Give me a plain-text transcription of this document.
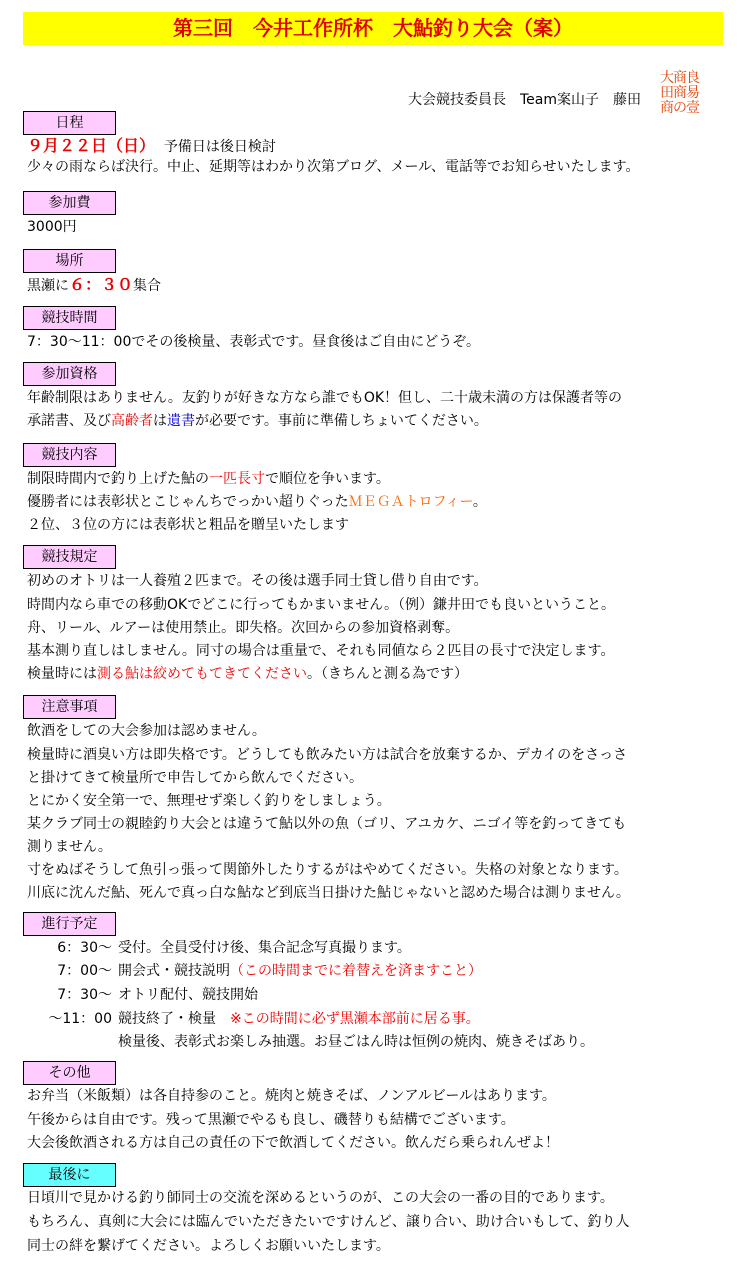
第三回　今井工作所杯　大鮎釣り大会（案）
大会競技委員長　Team案山子　藤田
大商良
田商易
商の壹
日程
９月２２日（日） 予備日は後日検討
少々の雨ならば決行。中止、延期等はわかり次第ブログ、メール、電話等でお知らせいたします。
参加費
3000円
場所
黒瀬に６：３０集合
競技時間
7：30〜11：00でその後検量、表彰式です。昼食後はご自由にどうぞ。
参加資格
年齢制限はありません。友釣りが好きな方なら誰でもOK！但し、二十歳未満の方は保護者等の
承諾書、及び高齢者は遺書が必要です。事前に準備しちょいてください。
競技内容
制限時間内で釣り上げた鮎の一匹長寸で順位を争います。
優勝者には表彰状とこじゃんちでっかい超りぐったＭＥＧＡトロフィー。
２位、３位の方には表彰状と粗品を贈呈いたします
競技規定
初めのオトリは一人養殖２匹まで。その後は選手同士貸し借り自由です。
時間内なら車での移動OKでどこに行ってもかまいません。（例）鎌井田でも良いということ。
舟、リール、ルアーは使用禁止。即失格。次回からの参加資格剥奪。
基本測り直しはしません。同寸の場合は重量で、それも同値なら２匹目の長寸で決定します。
検量時には測る鮎は絞めてもてきてください。（きちんと測る為です）
注意事項
飲酒をしての大会参加は認めません。
検量時に酒臭い方は即失格です。どうしても飲みたい方は試合を放棄するか、デカイのをさっさ
と掛けてきて検量所で申告してから飲んでください。
とにかく安全第一で、無理せず楽しく釣りをしましょう。
某クラブ同士の親睦釣り大会とは違うて鮎以外の魚（ゴリ、アユカケ、ニゴイ等を釣ってきても
測りません。
寸をぬばそうして魚引っ張って関節外したりするがはやめてください。失格の対象となります。
川底に沈んだ鮎、死んで真っ白な鮎など到底当日掛けた鮎じゃないと認めた場合は測りません。
進行予定
6：30〜 受付。全員受付け後、集合記念写真撮ります。
7：00〜 開会式・競技説明（この時間までに着替えを済ますこと）
7：30〜 オトリ配付、競技開始
〜11：00 競技終了・検量　※この時間に必ず黒瀬本部前に居る事。
検量後、表彰式お楽しみ抽選。お昼ごはん時は恒例の焼肉、焼きそばあり。
その他
お弁当（米飯類）は各自持参のこと。焼肉と焼きそば、ノンアルビールはあります。
午後からは自由です。残って黒瀬でやるも良し、磯替りも結構でございます。
大会後飲酒される方は自己の責任の下で飲酒してください。飲んだら乗られんぜよ！
最後に
日頃川で見かける釣り師同士の交流を深めるというのが、この大会の一番の目的であります。
もちろん、真剣に大会には臨んでいただきたいですけんど、譲り合い、助け合いもして、釣り人
同士の絆を繋げてください。よろしくお願いいたします。
